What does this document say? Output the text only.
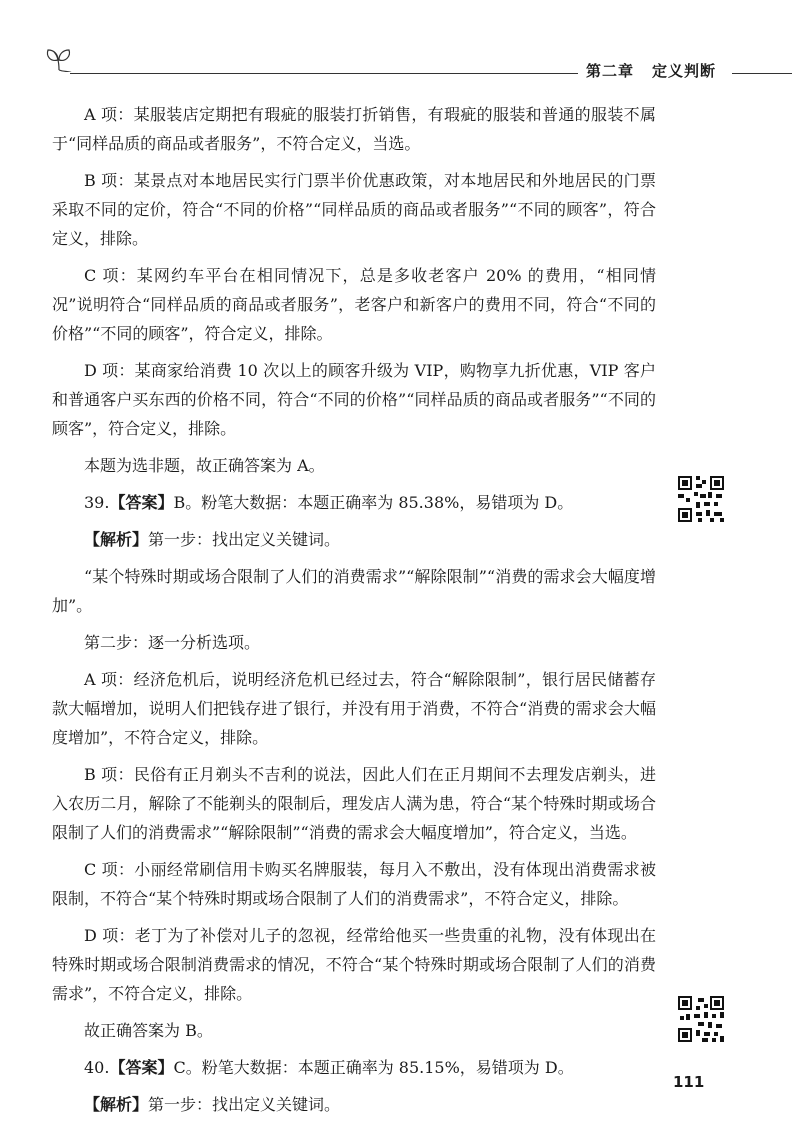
第二章 定义判断

A 项：某服装店定期把有瑕疵的服装打折销售，有瑕疵的服装和普通的服装不属于“同样品质的商品或者服务”，不符合定义，当选。

B 项：某景点对本地居民实行门票半价优惠政策，对本地居民和外地居民的门票采取不同的定价，符合“不同的价格”“同样品质的商品或者服务”“不同的顾客”，符合定义，排除。

C 项：某网约车平台在相同情况下，总是多收老客户 20% 的费用，“相同情况”说明符合“同样品质的商品或者服务”，老客户和新客户的费用不同，符合“不同的价格”“不同的顾客”，符合定义，排除。

D 项：某商家给消费 10 次以上的顾客升级为 VIP，购物享九折优惠，VIP 客户和普通客户买东西的价格不同，符合“不同的价格”“同样品质的商品或者服务”“不同的顾客”，符合定义，排除。

本题为选非题，故正确答案为 A。

39.【答案】B。粉笔大数据：本题正确率为 85.38%，易错项为 D。

【解析】第一步：找出定义关键词。

“某个特殊时期或场合限制了人们的消费需求”“解除限制”“消费的需求会大幅度增加”。

第二步：逐一分析选项。

A 项：经济危机后，说明经济危机已经过去，符合“解除限制”，银行居民储蓄存款大幅增加，说明人们把钱存进了银行，并没有用于消费，不符合“消费的需求会大幅度增加”，不符合定义，排除。

B 项：民俗有正月剃头不吉利的说法，因此人们在正月期间不去理发店剃头，进入农历二月，解除了不能剃头的限制后，理发店人满为患，符合“某个特殊时期或场合限制了人们的消费需求”“解除限制”“消费的需求会大幅度增加”，符合定义，当选。

C 项：小丽经常刷信用卡购买名牌服装，每月入不敷出，没有体现出消费需求被限制，不符合“某个特殊时期或场合限制了人们的消费需求”，不符合定义，排除。

D 项：老丁为了补偿对儿子的忽视，经常给他买一些贵重的礼物，没有体现出在特殊时期或场合限制消费需求的情况，不符合“某个特殊时期或场合限制了人们的消费需求”，不符合定义，排除。

故正确答案为 B。

40.【答案】C。粉笔大数据：本题正确率为 85.15%，易错项为 D。

【解析】第一步：找出定义关键词。

111
